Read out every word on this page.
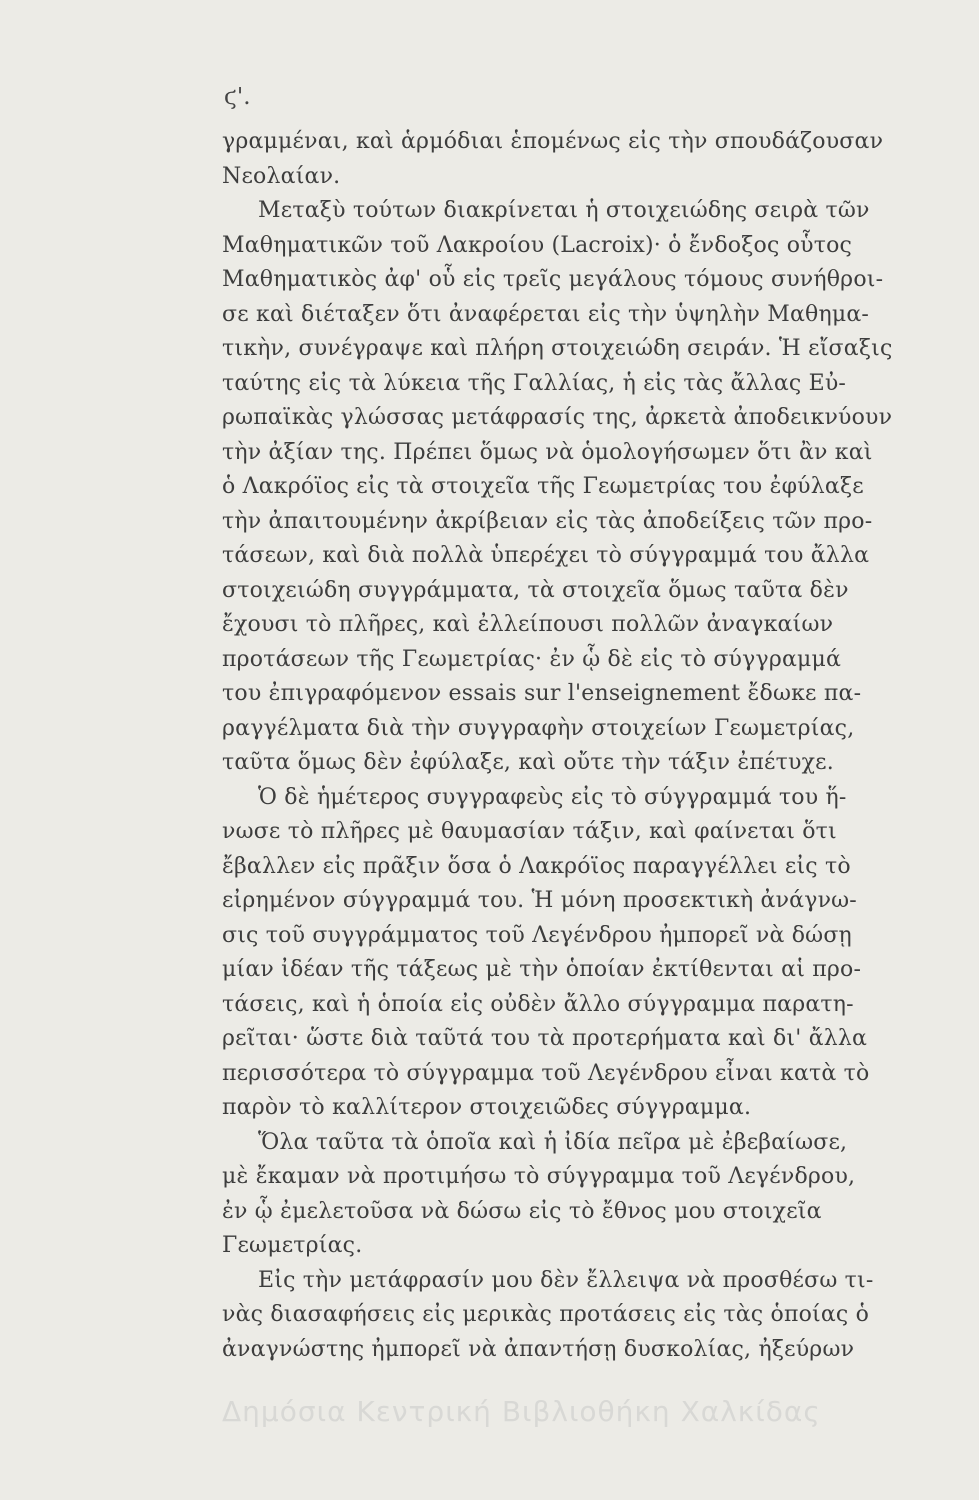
ϛ'.
γραμμέναι, καὶ ἁρμόδιαι ἑπομένως εἰς τὴν σπουδάζουσαν
Νεολαίαν.
Μεταξὺ τούτων διακρίνεται ἡ στοιχειώδης σειρὰ τῶν
Μαθηματικῶν τοῦ Λακροίου (Lacroix)· ὁ ἔνδοξος οὗτος
Μαθηματικὸς ἀφ' οὗ εἰς τρεῖς μεγάλους τόμους συνήθροι-
σε καὶ διέταξεν ὅτι ἀναφέρεται εἰς τὴν ὑψηλὴν Μαθημα-
τικὴν, συνέγραψε καὶ πλήρη στοιχειώδη σειράν. Ἡ εἴσαξις
ταύτης εἰς τὰ λύκεια τῆς Γαλλίας, ἡ εἰς τὰς ἄλλας Εὐ-
ρωπαϊκὰς γλώσσας μετάφρασίς της, ἀρκετὰ ἀποδεικνύουν
τὴν ἀξίαν της. Πρέπει ὅμως νὰ ὁμολογήσωμεν ὅτι ἂν καὶ
ὁ Λακρόϊος εἰς τὰ στοιχεῖα τῆς Γεωμετρίας του ἐφύλαξε
τὴν ἀπαιτουμένην ἀκρίβειαν εἰς τὰς ἀποδείξεις τῶν προ-
τάσεων, καὶ διὰ πολλὰ ὑπερέχει τὸ σύγγραμμά του ἄλλα
στοιχειώδη συγγράμματα, τὰ στοιχεῖα ὅμως ταῦτα δὲν
ἔχουσι τὸ πλῆρες, καὶ ἐλλείπουσι πολλῶν ἀναγκαίων
προτάσεων τῆς Γεωμετρίας· ἐν ᾧ δὲ εἰς τὸ σύγγραμμά
του ἐπιγραφόμενον essais sur l'enseignement ἔδωκε πα-
ραγγέλματα διὰ τὴν συγγραφὴν στοιχείων Γεωμετρίας,
ταῦτα ὅμως δὲν ἐφύλαξε, καὶ οὔτε τὴν τάξιν ἐπέτυχε.
Ὁ δὲ ἡμέτερος συγγραφεὺς εἰς τὸ σύγγραμμά του ἥ-
νωσε τὸ πλῆρες μὲ θαυμασίαν τάξιν, καὶ φαίνεται ὅτι
ἔβαλλεν εἰς πρᾶξιν ὅσα ὁ Λακρόϊος παραγγέλλει εἰς τὸ
εἰρημένον σύγγραμμά του. Ἡ μόνη προσεκτικὴ ἀνάγνω-
σις τοῦ συγγράμματος τοῦ Λεγένδρου ἠμπορεῖ νὰ δώσῃ
μίαν ἰδέαν τῆς τάξεως μὲ τὴν ὁποίαν ἐκτίθενται αἱ προ-
τάσεις, καὶ ἡ ὁποία εἰς οὐδὲν ἄλλο σύγγραμμα παρατη-
ρεῖται· ὥστε διὰ ταῦτά του τὰ προτερήματα καὶ δι' ἄλλα
περισσότερα τὸ σύγγραμμα τοῦ Λεγένδρου εἶναι κατὰ τὸ
παρὸν τὸ καλλίτερον στοιχειῶδες σύγγραμμα.
Ὅλα ταῦτα τὰ ὁποῖα καὶ ἡ ἰδία πεῖρα μὲ ἐβεβαίωσε,
μὲ ἔκαμαν νὰ προτιμήσω τὸ σύγγραμμα τοῦ Λεγένδρου,
ἐν ᾧ ἐμελετοῦσα νὰ δώσω εἰς τὸ ἔθνος μου στοιχεῖα
Γεωμετρίας.
Εἰς τὴν μετάφρασίν μου δὲν ἔλλειψα νὰ προσθέσω τι-
νὰς διασαφήσεις εἰς μερικὰς προτάσεις εἰς τὰς ὁποίας ὁ
ἀναγνώστης ἠμπορεῖ νὰ ἀπαντήσῃ δυσκολίας, ἠξεύρων
Δημόσια Κεντρική Βιβλιοθήκη Χαλκίδας
